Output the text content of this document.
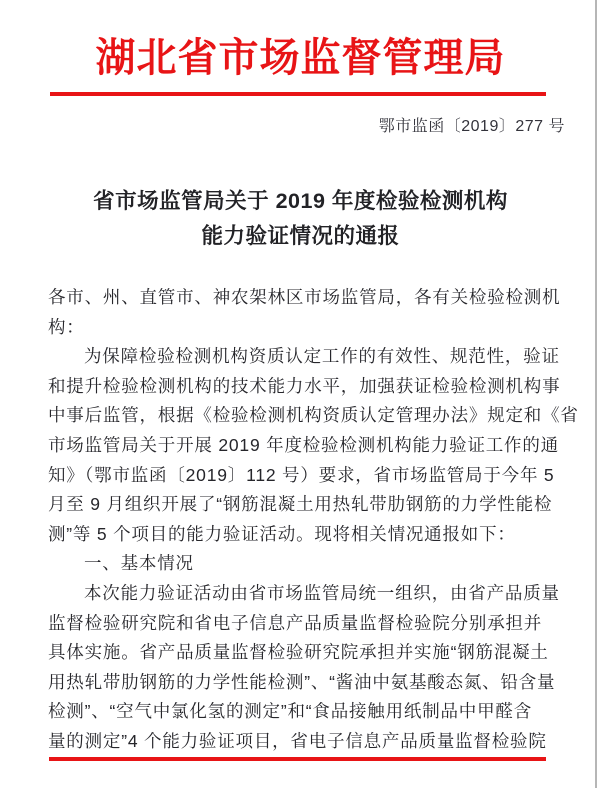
湖北省市场监督管理局
鄂市监函〔2019〕277 号
省市场监管局关于 2019 年度检验检测机构
能力验证情况的通报
各市、州、直管市、神农架林区市场监管局，各有关检验检测机
构：
为保障检验检测机构资质认定工作的有效性、规范性，验证
和提升检验检测机构的技术能力水平，加强获证检验检测机构事
中事后监管，根据《检验检测机构资质认定管理办法》规定和《省
市场监管局关于开展 2019 年度检验检测机构能力验证工作的通
知》（鄂市监函〔2019〕112 号）要求，省市场监管局于今年 5
月至 9 月组织开展了“钢筋混凝土用热轧带肋钢筋的力学性能检
测”等 5 个项目的能力验证活动。现将相关情况通报如下：
一、基本情况
本次能力验证活动由省市场监管局统一组织，由省产品质量
监督检验研究院和省电子信息产品质量监督检验院分别承担并
具体实施。省产品质量监督检验研究院承担并实施“钢筋混凝土
用热轧带肋钢筋的力学性能检测”、“酱油中氨基酸态氮、铅含量
检测”、“空气中氯化氢的测定”和“食品接触用纸制品中甲醛含
量的测定”4 个能力验证项目，省电子信息产品质量监督检验院
